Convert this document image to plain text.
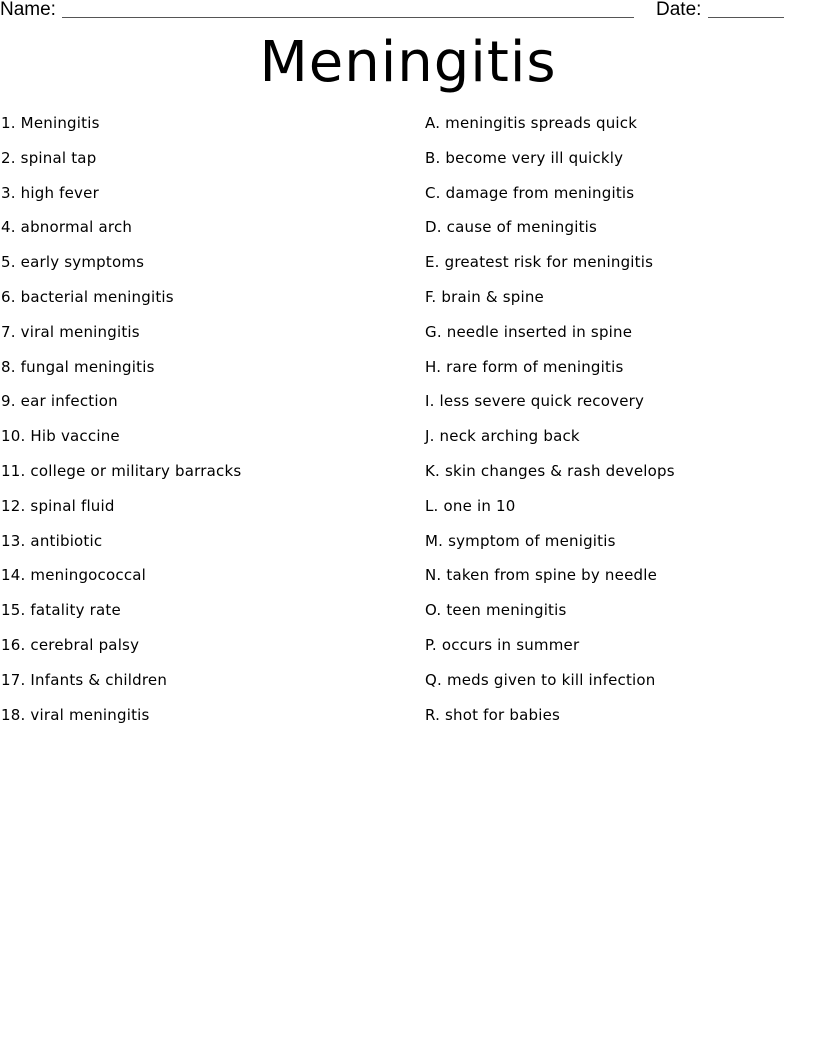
Name:	Date:
Meningitis
1. Meningitis
2. spinal tap
3. high fever
4. abnormal arch
5. early symptoms
6. bacterial meningitis
7. viral meningitis
8. fungal meningitis
9. ear infection
10. Hib vaccine
11. college or military barracks
12. spinal fluid
13. antibiotic
14. meningococcal
15. fatality rate
16. cerebral palsy
17. Infants & children
18. viral meningitis
A. meningitis spreads quick
B. become very ill quickly
C. damage from meningitis
D. cause of meningitis
E. greatest risk for meningitis
F. brain & spine
G. needle inserted in spine
H. rare form of meningitis
I. less severe quick recovery
J. neck arching back
K. skin changes & rash develops
L. one in 10
M. symptom of menigitis
N. taken from spine by needle
O. teen meningitis
P. occurs in summer
Q. meds given to kill infection
R. shot for babies
